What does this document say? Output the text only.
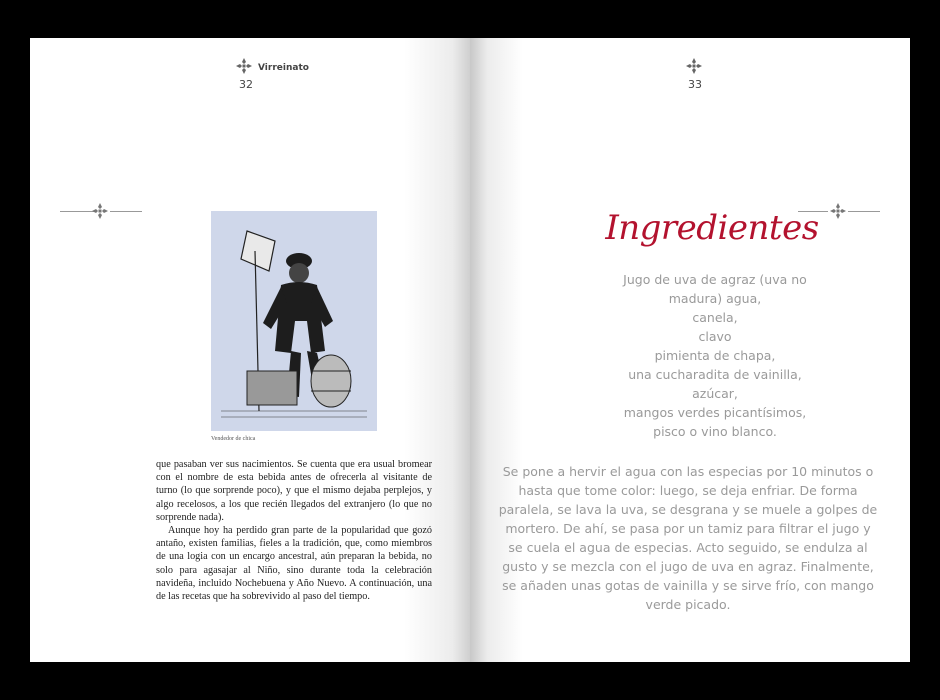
Virreinato
32
Vendedor de chica

que pasaban ver sus nacimientos. Se cuenta que era usual bromear con el nombre de esta bebida antes de ofrecerla al visitante de turno (lo que sorprende poco), y que el mismo dejaba perplejos, y algo recelosos, a los que recién llegados del extranjero (lo que no sorprende nada).

Aunque hoy ha perdido gran parte de la popularidad que gozó antaño, existen familias, fieles a la tradición, que, como miembros de una logia con un encargo ancestral, aún preparan la bebida, no solo para agasajar al Niño, sino durante toda la celebración navideña, incluido Nochebuena y Año Nuevo. A continuación, una de las recetas que ha sobrevivido al paso del tiempo.

33
Ingredientes
Jugo de uva de agraz (uva no
madura) agua,
canela,
clavo
pimienta de chapa,
una cucharadita de vainilla,
azúcar,
mangos verdes picantísimos,
pisco o vino blanco.
Se pone a hervir el agua con las especias por 10 minutos o hasta que tome color: luego, se deja enfriar. De forma paralela, se lava la uva, se desgrana y se muele a golpes de mortero. De ahí, se pasa por un tamiz para filtrar el jugo y se cuela el agua de especias. Acto seguido, se endulza al gusto y se mezcla con el jugo de uva en agraz. Finalmente, se añaden unas gotas de vainilla y se sirve frío, con mango verde picado.
